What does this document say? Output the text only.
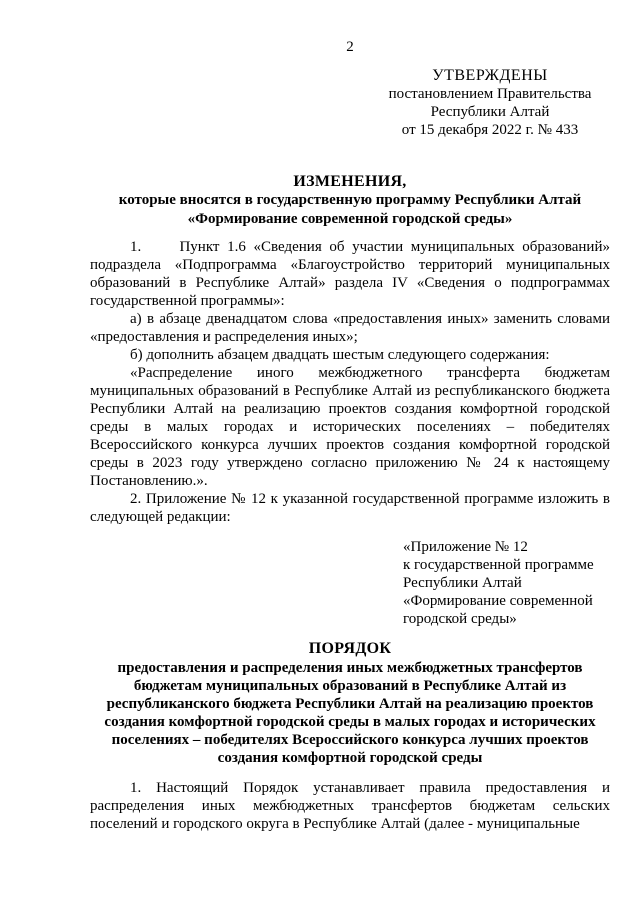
2
УТВЕРЖДЕНЫ
постановлением Правительства
Республики Алтай
от 15 декабря 2022 г. № 433
ИЗМЕНЕНИЯ,
которые вносятся в государственную программу Республики Алтай
«Формирование современной городской среды»

1.     Пункт 1.6 «Сведения об участии муниципальных образований» подраздела «Подпрограмма «Благоустройство территорий муниципальных образований в Республике Алтай» раздела IV «Сведения о подпрограммах государственной программы»:

а) в абзаце двенадцатом слова «предоставления иных» заменить словами «предоставления и распределения иных»;

б) дополнить абзацем двадцать шестым следующего содержания:

«Распределение иного межбюджетного трансферта бюджетам муниципальных образований в Республике Алтай из республиканского бюджета Республики Алтай на реализацию проектов создания комфортной городской среды в малых городах и исторических поселениях – победителях Всероссийского конкурса лучших проектов создания комфортной городской среды в 2023 году утверждено согласно приложению № 24 к настоящему Постановлению.».

2. Приложение № 12 к указанной государственной программе изложить в следующей редакции:

«Приложение № 12

к государственной программе

Республики Алтай

«Формирование современной

городской среды»

ПОРЯДОК
предоставления и распределения иных межбюджетных трансфертов
бюджетам муниципальных образований в Республике Алтай из
республиканского бюджета Республики Алтай на реализацию проектов
создания комфортной городской среды в малых городах и исторических
поселениях – победителях Всероссийского конкурса лучших проектов
создания комфортной городской среды

1. Настоящий Порядок устанавливает правила предоставления и распределения иных межбюджетных трансфертов бюджетам сельских поселений и городского округа в Республике Алтай (далее - муниципальные
